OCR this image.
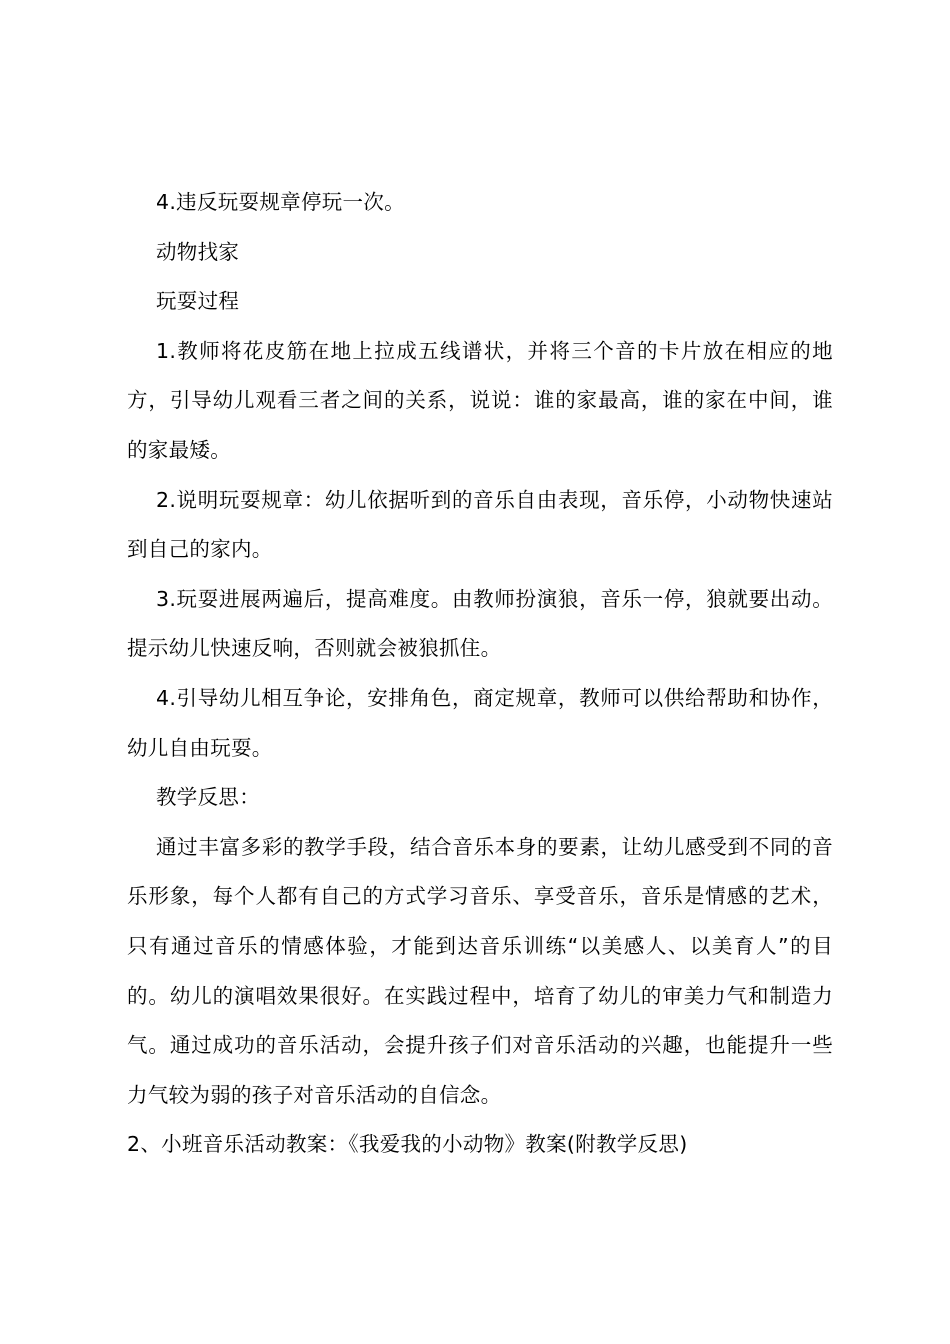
4.违反玩耍规章停玩一次。

动物找家

玩耍过程

1.教师将花皮筋在地上拉成五线谱状，并将三个音的卡片放在相应的地方，引导幼儿观看三者之间的关系，说说：谁的家最高，谁的家在中间，谁的家最矮。

2.说明玩耍规章：幼儿依据听到的音乐自由表现，音乐停，小动物快速站到自己的家内。

3.玩耍进展两遍后，提高难度。由教师扮演狼，音乐一停，狼就要出动。提示幼儿快速反响，否则就会被狼抓住。

4.引导幼儿相互争论，安排角色，商定规章，教师可以供给帮助和协作，幼儿自由玩耍。

教学反思：

通过丰富多彩的教学手段，结合音乐本身的要素，让幼儿感受到不同的音乐形象，每个人都有自己的方式学习音乐、享受音乐，音乐是情感的艺术，只有通过音乐的情感体验，才能到达音乐训练“以美感人、以美育人”的目的。幼儿的演唱效果很好。在实践过程中，培育了幼儿的审美力气和制造力气。通过成功的音乐活动，会提升孩子们对音乐活动的兴趣，也能提升一些力气较为弱的孩子对音乐活动的自信念。

2、小班音乐活动教案：《我爱我的小动物》教案(附教学反思)
